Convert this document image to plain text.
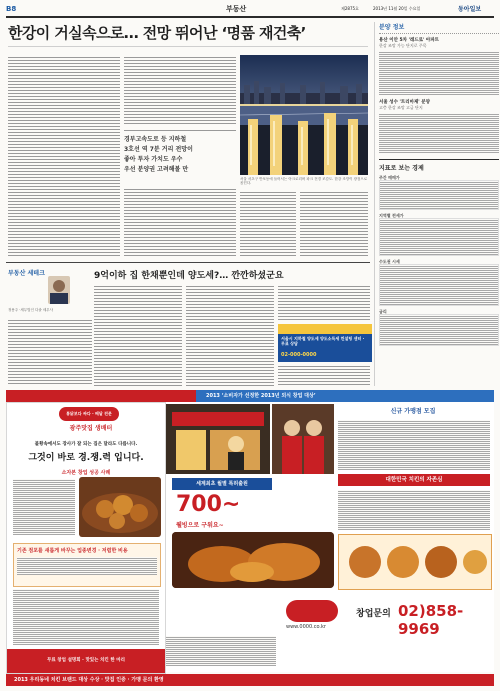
B8	부동산	제2875호	2013년 11월 20일 수요일	동아일보
한강이 거실속으로… 전망 뛰어난 ‘명품 재건축’
경부고속도로 등 지하철
3호선 역 7분 거리 전망이
좋아 투자 가치도 우수
우선 분양권 고려해볼 만
서울 서초구 반포동에 들어서는 아크로리버 파크 전경 조감도. 한강 조망이 장점으로 꼽힌다.
분양 정보
용산 이안 5차 '레드로' 아파트
한강 조망 가능 단지로 주목
서울 성수 '트리마제' 분양
고층 한강 조망 고급 단지
지표로 보는 경제
주간 매매가
지역별 전세가
수도권 시세
금리
부동산 세테크
정용주 ·세무법인 다솔 세무사
9억이하 집 한채뿐인데 양도세?… 깐깐하셨군요
서울시 지하철 양도세 양도소득세 컨설팅 센터 · 무료 상담
02-000-0000
2013 ‘소비자가 선정한 2013년 외식 창업 대상’
통닭보다 싸다 · 배달 전문
광주맛집 생배터
불황속에서도 장사가 잘 되는 집은 달라도 다릅니다.
그것이 바로 경.쟁.력 입니다.
소자본 창업 성공 사례
기존 점포를 새롭게 바꾸는 업종변경 · 저렴한 비용
무료 창업 설명회 · 맛있는 치킨 한 마리
세계최초 월별 특허출원
700~
웰빙으로 구워요~
신규 가맹점 모집
대한민국 치킨의 자존심
www.0000.co.kr
창업문의 02)858-9969
2013 우리동네 치킨 브랜드 대상 수상 · 맛집 인증 · 가맹 문의 환영
